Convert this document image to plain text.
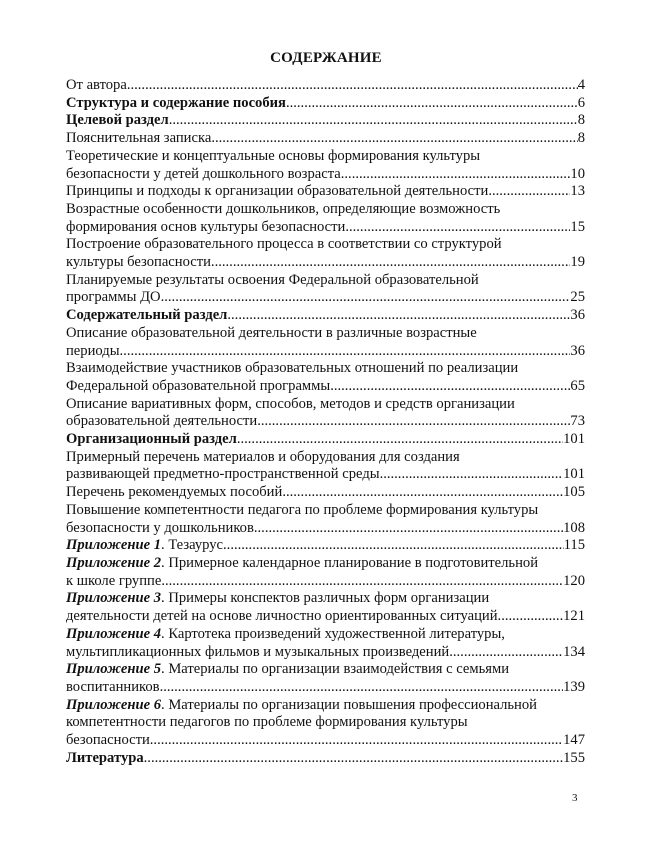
СОДЕРЖАНИЕ
От автора .....	4
Структура и содержание пособия .....	6
Целевой раздел .....	8
Пояснительная записка .....	8
Теоретические и концептуальные основы формирования культуры
безопасности у детей дошкольного возраста .....	10
Принципы и подходы к организации образовательной деятельности .....	13
Возрастные особенности дошкольников, определяющие возможность
формирования основ культуры безопасности .....	15
Построение образовательного процесса в соответствии со структурой
культуры безопасности .....	19
Планируемые результаты освоения Федеральной образовательной
программы ДО .....	25
Содержательный раздел .....	36
Описание образовательной деятельности в различные возрастные
периоды .....	36
Взаимодействие участников образовательных отношений по реализации
Федеральной образовательной программы .....	65
Описание вариативных форм, способов, методов и средств организации
образовательной деятельности .....	73
Организационный раздел .....	101
Примерный перечень материалов и оборудования для создания
развивающей предметно-пространственной среды .....	101
Перечень рекомендуемых пособий .....	105
Повышение компетентности педагога по проблеме формирования культуры
безопасности у дошкольников .....	108
Приложение 1. Тезаурус .....	115
Приложение 2. Примерное календарное планирование в подготовительной
к школе группе .....	120
Приложение 3. Примеры конспектов различных форм организации
деятельности детей на основе личностно ориентированных ситуаций .....	121
Приложение 4. Картотека произведений художественной литературы,
мультипликационных фильмов и музыкальных произведений .....	134
Приложение 5. Материалы по организации взаимодействия с семьями
воспитанников .....	139
Приложение 6. Материалы по организации повышения профессиональной
компетентности педагогов по проблеме формирования культуры
безопасности .....	147
Литература .....	155
3
